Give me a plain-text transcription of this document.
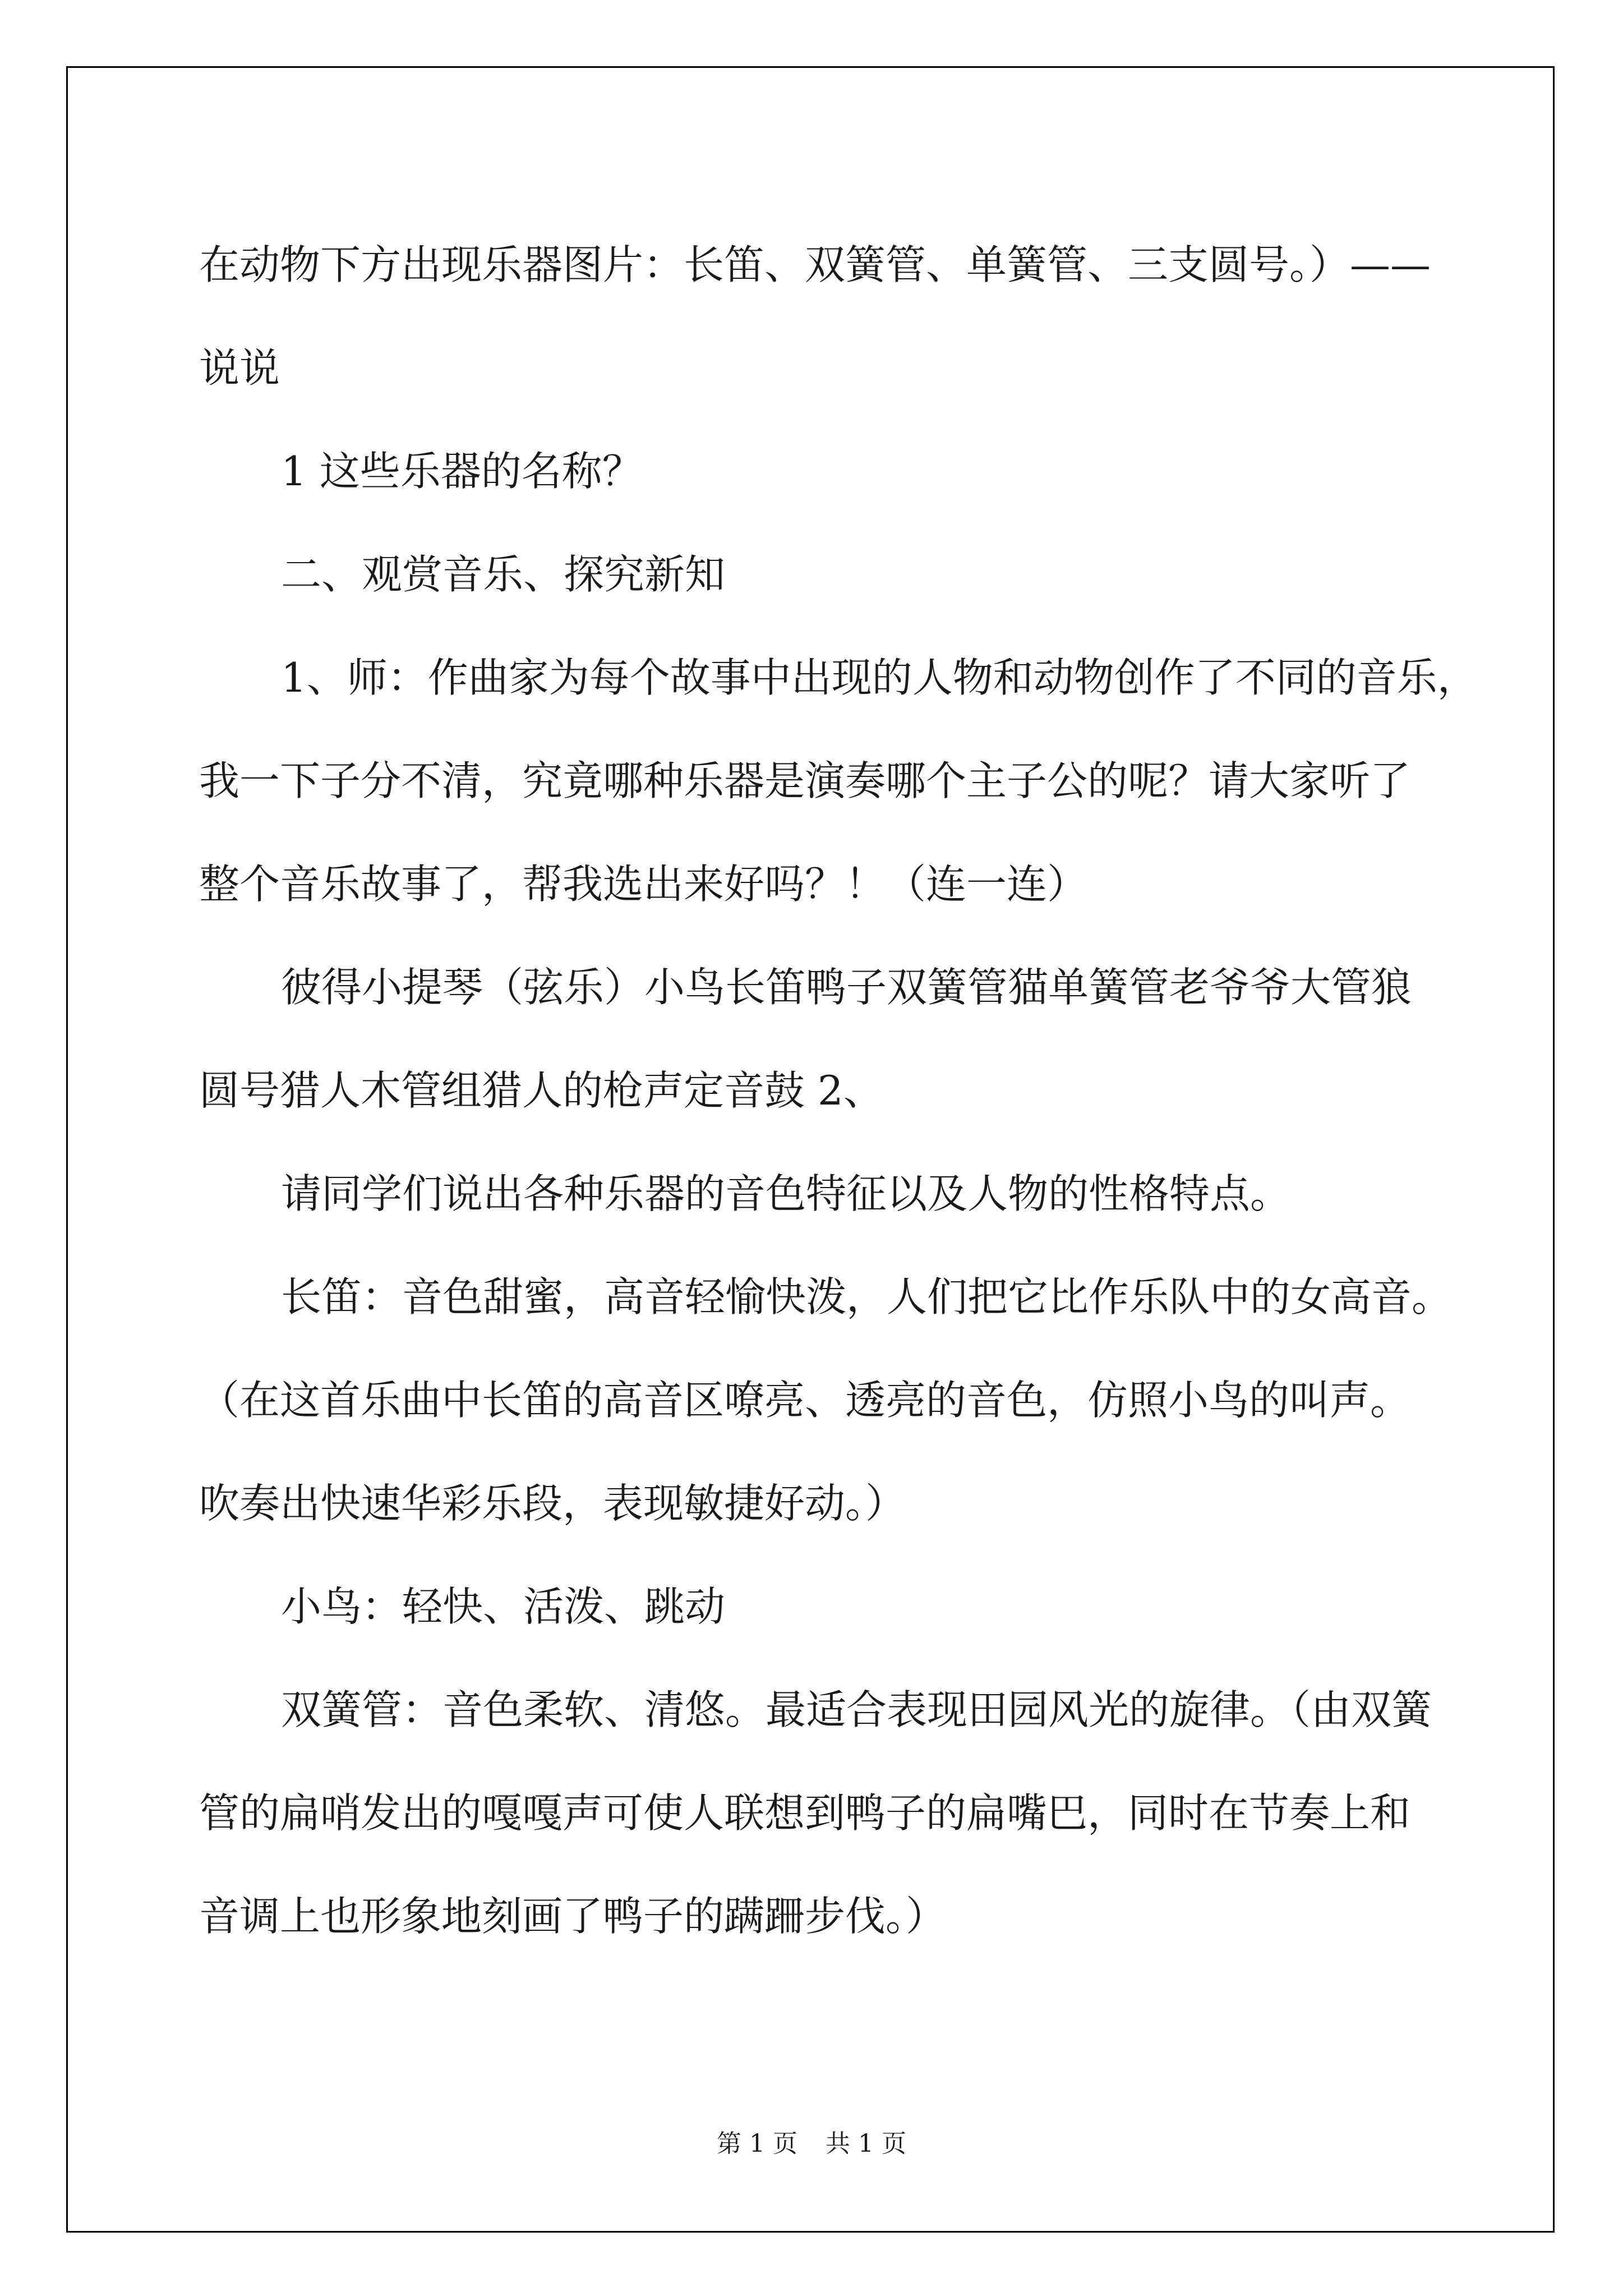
在动物下方出现乐器图片：长笛、双簧管、单簧管、三支圆号。）——

说说

1 这些乐器的名称？

二、观赏音乐、探究新知

1、师：作曲家为每个故事中出现的人物和动物创作了不同的音乐，

我一下子分不清，究竟哪种乐器是演奏哪个主子公的呢？请大家听了

整个音乐故事了，帮我选出来好吗？！（连一连）

彼得小提琴（弦乐）小鸟长笛鸭子双簧管猫单簧管老爷爷大管狼

圆号猎人木管组猎人的枪声定音鼓 2、

请同学们说出各种乐器的音色特征以及人物的性格特点。

长笛：音色甜蜜，高音轻愉快泼，人们把它比作乐队中的女高音。

（在这首乐曲中长笛的高音区嘹亮、透亮的音色，仿照小鸟的叫声。

吹奏出快速华彩乐段，表现敏捷好动。）

小鸟：轻快、活泼、跳动

双簧管：音色柔软、清悠。最适合表现田园风光的旋律。（由双簧

管的扁哨发出的嘎嘎声可使人联想到鸭子的扁嘴巴，同时在节奏上和

音调上也形象地刻画了鸭子的蹒跚步伐。）

第 1 页 共 1 页
